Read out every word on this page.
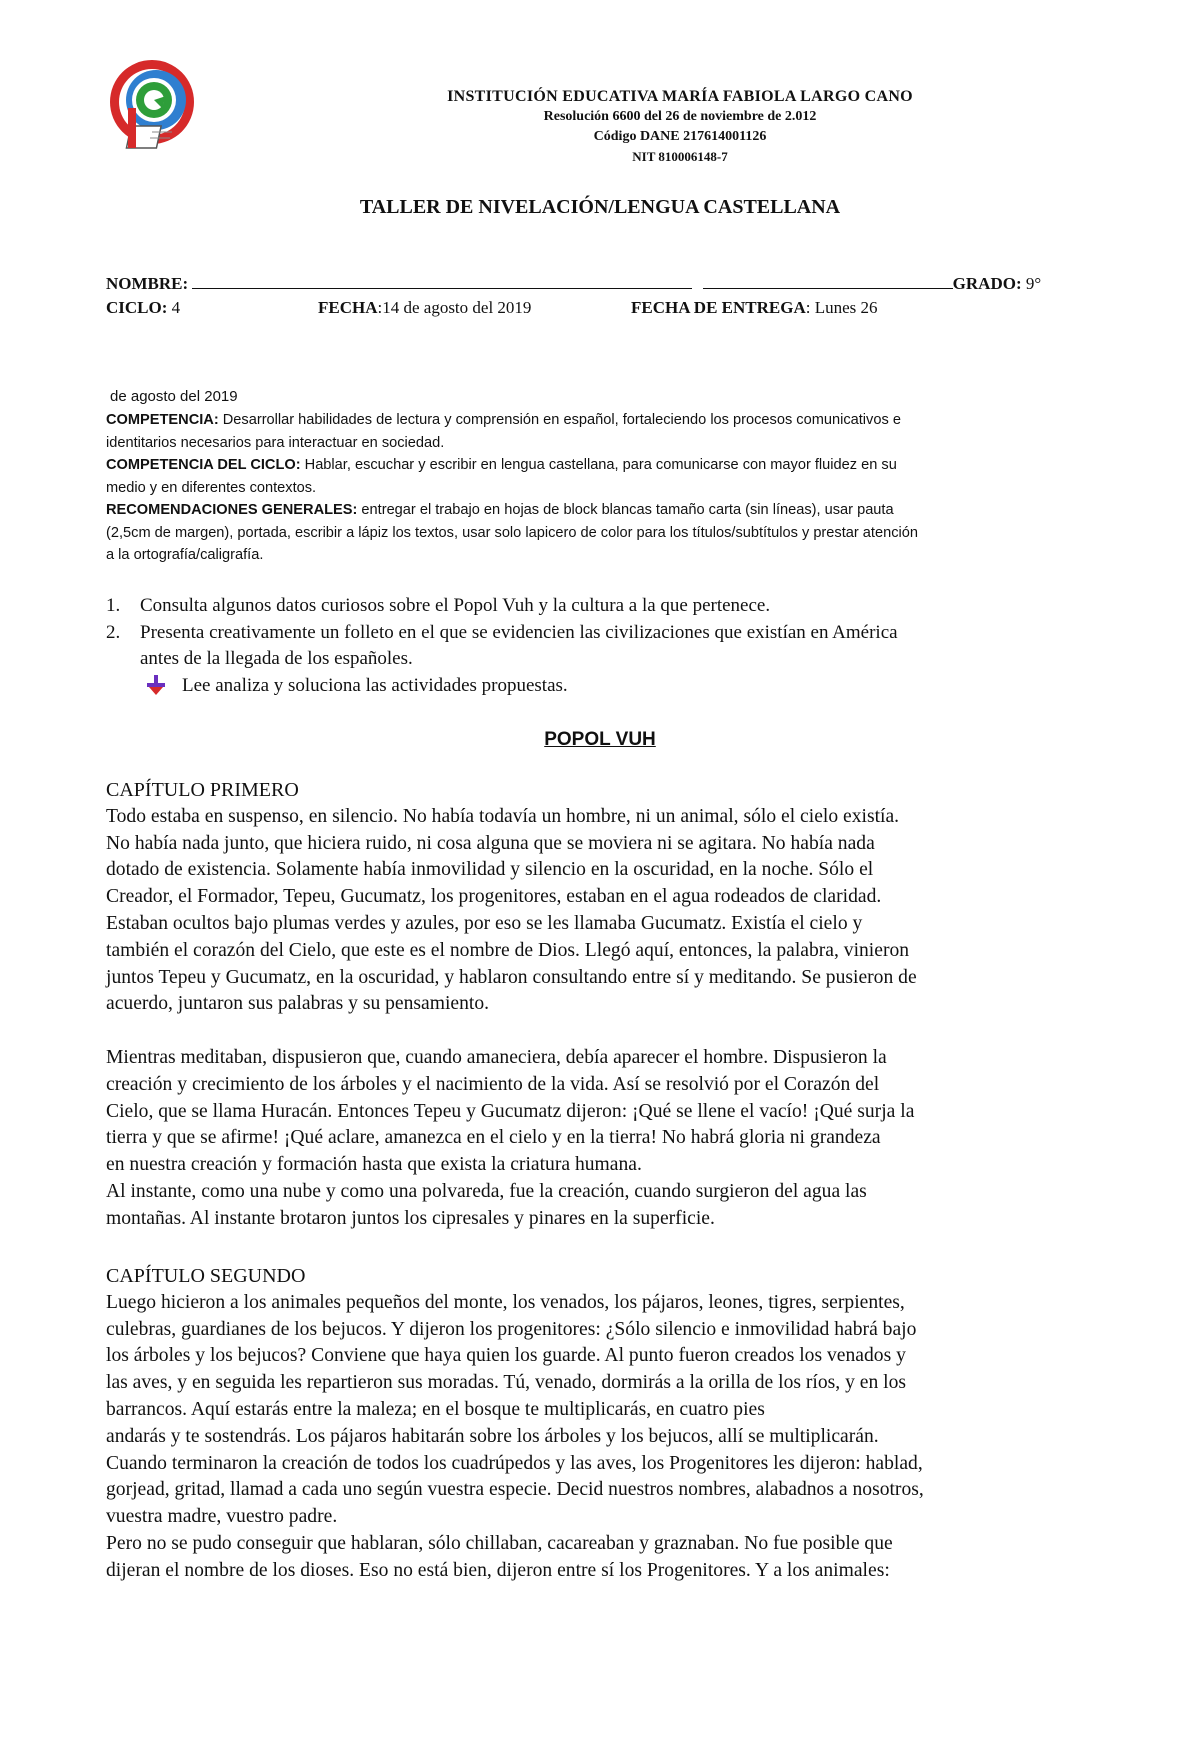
INSTITUCIÓN EDUCATIVA MARÍA FABIOLA LARGO CANO
Resolución 6600 del 26 de noviembre de 2.012
Código DANE 217614001126
NIT 810006148-7
TALLER DE NIVELACIÓN/LENGUA CASTELLANA
NOMBRE:	GRADO: 9°
CICLO: 4	FECHA:14 de agosto del 2019	FECHA DE ENTREGA: Lunes 26
de agosto del 2019
COMPETENCIA: Desarrollar habilidades de lectura y comprensión en español, fortaleciendo los procesos comunicativos e
identitarios necesarios para interactuar en sociedad.
COMPETENCIA DEL CICLO: Hablar, escuchar y escribir en lengua castellana, para comunicarse con mayor fluidez en su
medio y en diferentes contextos.
RECOMENDACIONES GENERALES: entregar el trabajo en hojas de block blancas tamaño carta (sin líneas), usar pauta
(2,5cm de margen), portada, escribir a lápiz los textos, usar solo lapicero de color para los títulos/subtítulos y prestar atención
a la ortografía/caligrafía.
1.	Consulta algunos datos curiosos sobre el Popol Vuh y la cultura a la que pertenece.
2.	Presenta creativamente un folleto en el que se evidencien las civilizaciones que existían en América
antes de la llegada de los españoles.
Lee analiza y soluciona las actividades propuestas.
POPOL VUH
CAPÍTULO PRIMERO
Todo estaba en suspenso, en silencio. No había todavía un hombre, ni un animal, sólo el cielo existía.
No había nada junto, que hiciera ruido, ni cosa alguna que se moviera ni se agitara. No había nada
dotado de existencia. Solamente había inmovilidad y silencio en la oscuridad, en la noche. Sólo el
Creador, el Formador, Tepeu, Gucumatz, los progenitores, estaban en el agua rodeados de claridad.
Estaban ocultos bajo plumas verdes y azules, por eso se les llamaba Gucumatz. Existía el cielo y
también el corazón del Cielo, que este es el nombre de Dios. Llegó aquí, entonces, la palabra, vinieron
juntos Tepeu y Gucumatz, en la oscuridad, y hablaron consultando entre sí y meditando. Se pusieron de
acuerdo, juntaron sus palabras y su pensamiento.
Mientras meditaban, dispusieron que, cuando amaneciera, debía aparecer el hombre. Dispusieron la
creación y crecimiento de los árboles y el nacimiento de la vida. Así se resolvió por el Corazón del
Cielo, que se llama Huracán. Entonces Tepeu y Gucumatz dijeron: ¡Qué se llene el vacío! ¡Qué surja la
tierra y que se afirme! ¡Qué aclare, amanezca en el cielo y en la tierra! No habrá gloria ni grandeza
en nuestra creación y formación hasta que exista la criatura humana.
Al instante, como una nube y como una polvareda, fue la creación, cuando surgieron del agua las
montañas. Al instante brotaron juntos los cipresales y pinares en la superficie.
CAPÍTULO SEGUNDO
Luego hicieron a los animales pequeños del monte, los venados, los pájaros, leones, tigres, serpientes,
culebras, guardianes de los bejucos. Y dijeron los progenitores: ¿Sólo silencio e inmovilidad habrá bajo
los árboles y los bejucos? Conviene que haya quien los guarde. Al punto fueron creados los venados y
las aves, y en seguida les repartieron sus moradas. Tú, venado, dormirás a la orilla de los ríos, y en los
barrancos. Aquí estarás entre la maleza; en el bosque te multiplicarás, en cuatro pies
andarás y te sostendrás. Los pájaros habitarán sobre los árboles y los bejucos, allí se multiplicarán.
Cuando terminaron la creación de todos los cuadrúpedos y las aves, los Progenitores les dijeron: hablad,
gorjead, gritad, llamad a cada uno según vuestra especie. Decid nuestros nombres, alabadnos a nosotros,
vuestra madre, vuestro padre.
Pero no se pudo conseguir que hablaran, sólo chillaban, cacareaban y graznaban. No fue posible que
dijeran el nombre de los dioses. Eso no está bien, dijeron entre sí los Progenitores. Y a los animales:
